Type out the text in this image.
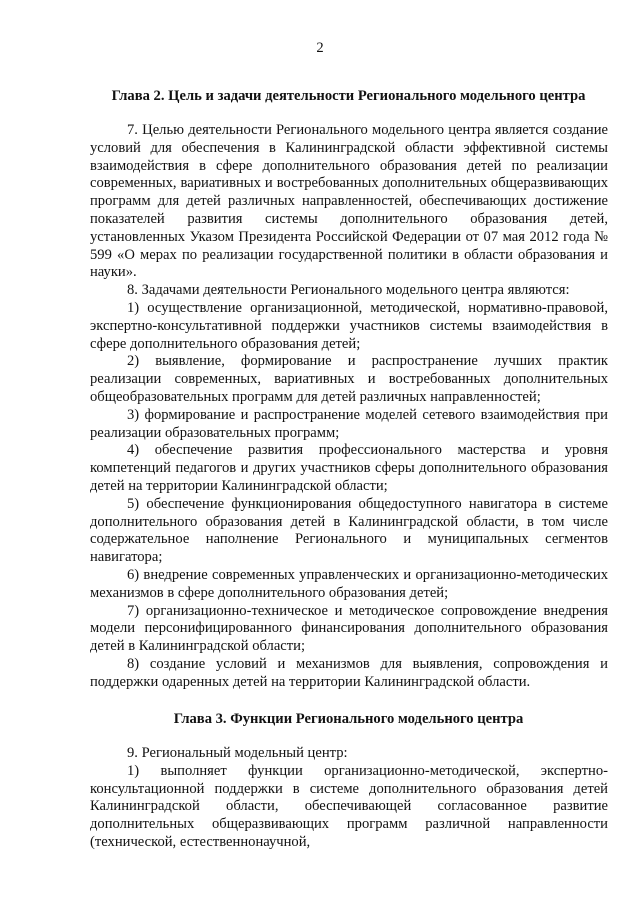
2
Глава 2. Цель и задачи деятельности Регионального модельного центра

7. Целью деятельности Регионального модельного центра является создание условий для обеспечения в Калининградской области эффективной системы взаимодействия в сфере дополнительного образования детей по реализации современных, вариативных и востребованных дополнительных общеразвивающих программ для детей различных направленностей, обеспечивающих достижение показателей развития системы дополнительного образования детей, установленных Указом Президента Российской Федерации от 07 мая 2012 года № 599 «О мерах по реализации государственной политики в области образования и науки».

8. Задачами деятельности Регионального модельного центра являются:

1) осуществление организационной, методической, нормативно-правовой, экспертно-консультативной поддержки участников системы взаимодействия в сфере дополнительного образования детей;

2) выявление, формирование и распространение лучших практик реализации современных, вариативных и востребованных дополнительных общеобразовательных программ для детей различных направленностей;

3) формирование и распространение моделей сетевого взаимодействия при реализации образовательных программ;

4) обеспечение развития профессионального мастерства и уровня компетенций педагогов и других участников сферы дополнительного образования детей на территории Калининградской области;

5) обеспечение функционирования общедоступного навигатора в системе дополнительного образования детей в Калининградской области, в том числе содержательное наполнение Регионального и муниципальных сегментов навигатора;

6) внедрение современных управленческих и организационно-методических механизмов в сфере дополнительного образования детей;

7) организационно-техническое и методическое сопровождение внедрения модели персонифицированного финансирования дополнительного образования детей в Калининградской области;

8) создание условий и механизмов для выявления, сопровождения и поддержки одаренных детей на территории Калининградской области.

Глава 3. Функции Регионального модельного центра

9. Региональный модельный центр:

1) выполняет функции организационно-методической, экспертно-консультационной поддержки в системе дополнительного образования детей Калининградской области, обеспечивающей согласованное развитие дополнительных общеразвивающих программ различной направленности (технической, естественнонаучной,
